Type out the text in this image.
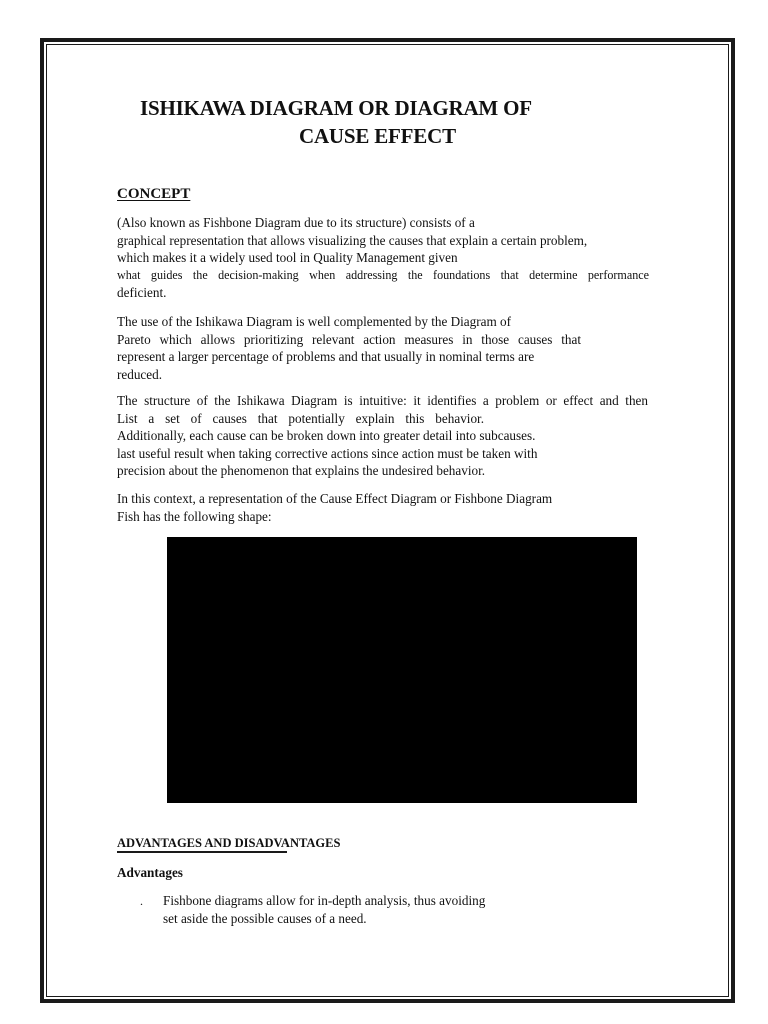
ISHIKAWA DIAGRAM OR DIAGRAM OF
CAUSE EFFECT
CONCEPT

(Also known as Fishbone Diagram due to its structure) consists of a
graphical representation that allows visualizing the causes that explain a certain problem,
which makes it a widely used tool in Quality Management given
what guides the decision-making when addressing the foundations that determine performance
deficient.

The use of the Ishikawa Diagram is well complemented by the Diagram of
Pareto which allows prioritizing relevant action measures in those causes that
represent a larger percentage of problems and that usually in nominal terms are
reduced.

The structure of the Ishikawa Diagram is intuitive: it identifies a problem or effect and then
List a set of causes that potentially explain this behavior.
Additionally, each cause can be broken down into greater detail into subcauses.
last useful result when taking corrective actions since action must be taken with
precision about the phenomenon that explains the undesired behavior.

In this context, a representation of the Cause Effect Diagram or Fishbone Diagram
Fish has the following shape:

ADVANTAGES AND DISADVANTAGES
Advantages
. Fishbone diagrams allow for in-depth analysis, thus avoiding
set aside the possible causes of a need.
